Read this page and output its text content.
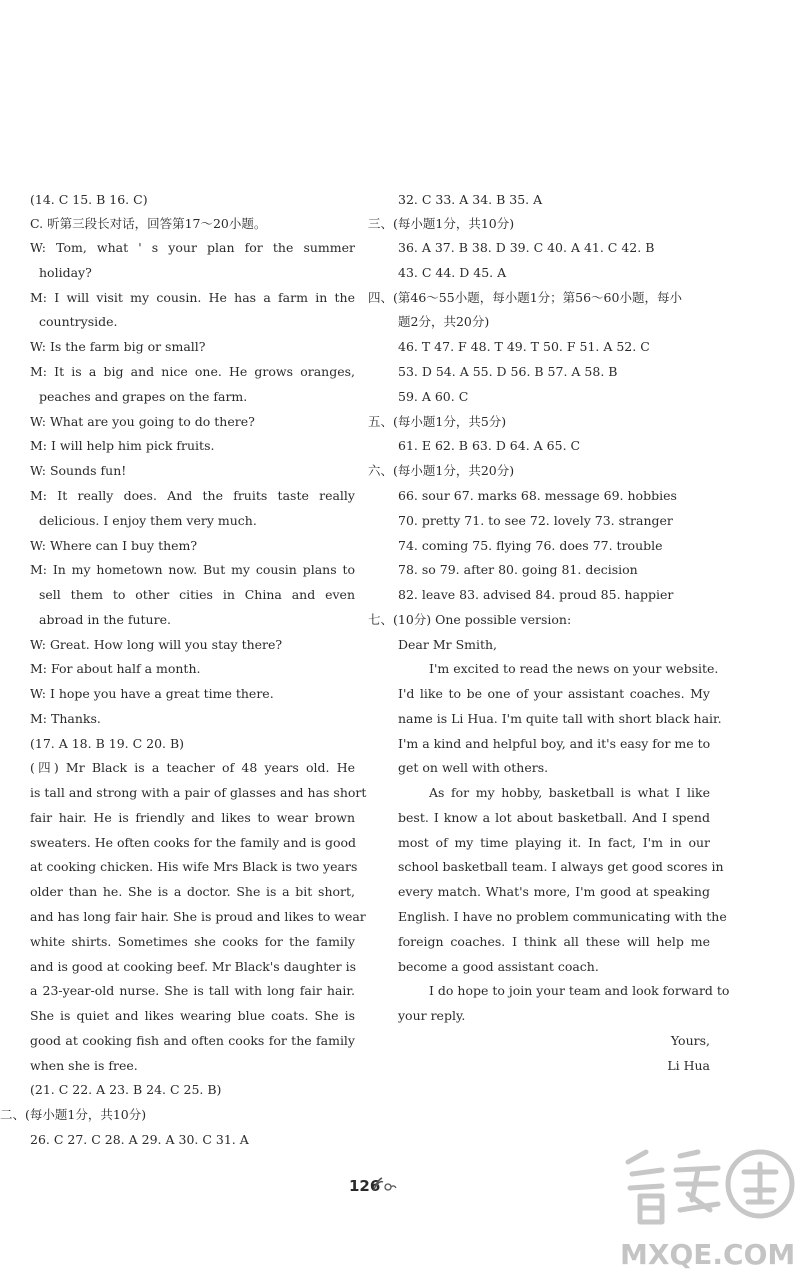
(14. C 15. B 16. C)
C. 听第三段长对话，回答第17～20小题。
W: Tom, what ' s your plan for the summer
holiday?
M: I will visit my cousin. He has a farm in the
countryside.
W: Is the farm big or small?
M: It is a big and nice one. He grows oranges,
peaches and grapes on the farm.
W: What are you going to do there?
M: I will help him pick fruits.
W: Sounds fun!
M: It really does. And the fruits taste really
delicious. I enjoy them very much.
W: Where can I buy them?
M: In my hometown now. But my cousin plans to
sell them to other cities in China and even
abroad in the future.
W: Great. How long will you stay there?
M: For about half a month.
W: I hope you have a great time there.
M: Thanks.
(17. A 18. B 19. C 20. B)
(四) Mr Black is a teacher of 48 years old. He
is tall and strong with a pair of glasses and has short
fair hair. He is friendly and likes to wear brown
sweaters. He often cooks for the family and is good
at cooking chicken. His wife Mrs Black is two years
older than he. She is a doctor. She is a bit short,
and has long fair hair. She is proud and likes to wear
white shirts. Sometimes she cooks for the family
and is good at cooking beef. Mr Black's daughter is
a 23-year-old nurse. She is tall with long fair hair.
She is quiet and likes wearing blue coats. She is
good at cooking fish and often cooks for the family
when she is free.
(21. C 22. A 23. B 24. C 25. B)
二、(每小题1分，共10分)
26. C 27. C 28. A 29. A 30. C 31. A
32. C 33. A 34. B 35. A
三、(每小题1分，共10分)
36. A 37. B 38. D 39. C 40. A 41. C 42. B
43. C 44. D 45. A
四、(第46～55小题，每小题1分；第56～60小题，每小
题2分，共20分)
46. T 47. F 48. T 49. T 50. F 51. A 52. C
53. D 54. A 55. D 56. B 57. A 58. B
59. A 60. C
五、(每小题1分，共5分)
61. E 62. B 63. D 64. A 65. C
六、(每小题1分，共20分)
66. sour 67. marks 68. message 69. hobbies
70. pretty 71. to see 72. lovely 73. stranger
74. coming 75. flying 76. does 77. trouble
78. so 79. after 80. going 81. decision
82. leave 83. advised 84. proud 85. happier
七、(10分) One possible version:
Dear Mr Smith,
I'm excited to read the news on your website.
I'd like to be one of your assistant coaches. My
name is Li Hua. I'm quite tall with short black hair.
I'm a kind and helpful boy, and it's easy for me to
get on well with others.
As for my hobby, basketball is what I like
best. I know a lot about basketball. And I spend
most of my time playing it. In fact, I'm in our
school basketball team. I always get good scores in
every match. What's more, I'm good at speaking
English. I have no problem communicating with the
foreign coaches. I think all these will help me
become a good assistant coach.
I do hope to join your team and look forward to
your reply.
Yours,
Li Hua
126
MXQE.COM
